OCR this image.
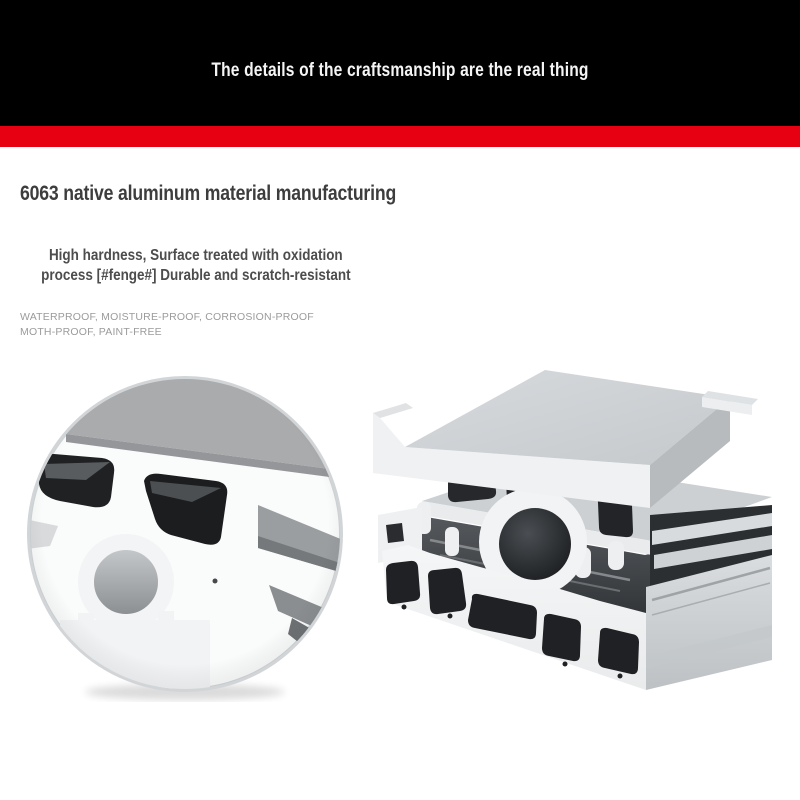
The details of the craftsmanship are the real thing
6063 native aluminum material manufacturing
High hardness, Surface treated with oxidation
process [#fenge#] Durable and scratch-resistant
WATERPROOF, MOISTURE-PROOF, CORROSION-PROOF
MOTH-PROOF, PAINT-FREE
